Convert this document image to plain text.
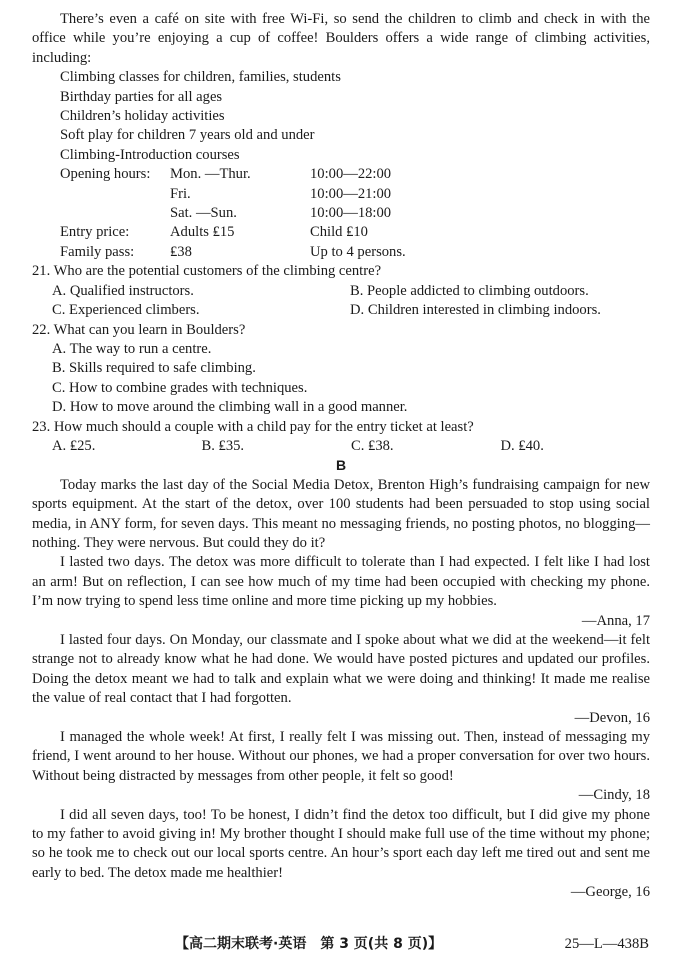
There’s even a café on site with free Wi-Fi, so send the children to climb and check in with the office while you’re enjoying a cup of coffee! Boulders offers a wide range of climbing activities, including:

Climbing classes for children, families, students
Birthday parties for all ages
Children’s holiday activities
Soft play for children 7 years old and under
Climbing-Introduction courses
Opening hours:	Mon. —Thur.	10:00—22:00
	Fri.	10:00—21:00
	Sat. —Sun.	10:00—18:00
Entry price:	Adults ₤15	Child ₤10
Family pass:	₤38	Up to 4 persons.

21. Who are the potential customers of the climbing centre?

A. Qualified instructors.	B. People addicted to climbing outdoors.
C. Experienced climbers.	D. Children interested in climbing indoors.

22. What can you learn in Boulders?

A. The way to run a centre.

B. Skills required to safe climbing.

C. How to combine grades with techniques.

D. How to move around the climbing wall in a good manner.

23. How much should a couple with a child pay for the entry ticket at least?

A. ₤25.	B. ₤35.	C. ₤38.	D. ₤40.

B

Today marks the last day of the Social Media Detox, Brenton High’s fundraising campaign for new sports equipment. At the start of the detox, over 100 students had been persuaded to stop using social media, in ANY form, for seven days. This meant no messaging friends, no posting photos, no blogging—nothing. They were nervous. But could they do it?

I lasted two days. The detox was more difficult to tolerate than I had expected. I felt like I had lost an arm! But on reflection, I can see how much of my time had been occupied with checking my phone. I’m now trying to spend less time online and more time picking up my hobbies.

—Anna, 17

I lasted four days. On Monday, our classmate and I spoke about what we did at the weekend—it felt strange not to already know what he had done. We would have posted pictures and updated our profiles. Doing the detox meant we had to talk and explain what we were doing and thinking! It made me realise the value of real contact that I had forgotten.

—Devon, 16

I managed the whole week! At first, I really felt I was missing out. Then, instead of messaging my friend, I went around to her house. Without our phones, we had a proper conversation for over two hours. Without being distracted by messages from other people, it felt so good!

—Cindy, 18

I did all seven days, too! To be honest, I didn’t find the detox too difficult, but I did give my phone to my father to avoid giving in! My brother thought I should make full use of the time without my phone; so he took me to check out our local sports centre. An hour’s sport each day left me tired out and sent me early to bed. The detox made me healthier!

—George, 16

【高二期末联考·英语　第 3 页(共 8 页)】	25—L—438B
